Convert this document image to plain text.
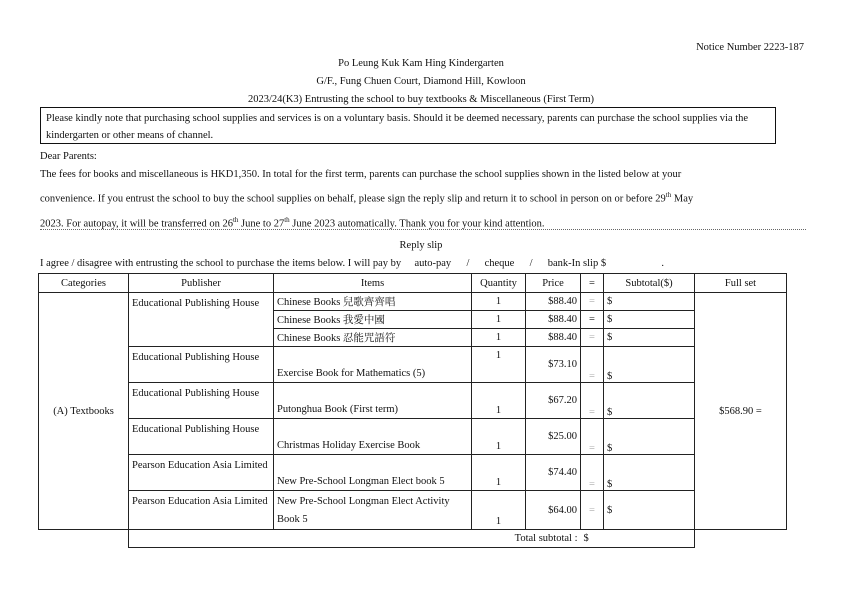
Notice Number 2223-187
Po Leung Kuk Kam Hing Kindergarten
G/F., Fung Chuen Court, Diamond Hill, Kowloon
2023/24(K3) Entrusting the school to buy textbooks & Miscellaneous (First Term)
Please kindly note that purchasing school supplies and services is on a voluntary basis. Should it be deemed necessary, parents can purchase the school supplies via the kindergarten or other means of channel.
Dear Parents:
The fees for books and miscellaneous is HKD1,350. In total for the first term, parents can purchase the school supplies shown in the listed below at your
convenience. If you entrust the school to buy the school supplies on behalf, please sign the reply slip and return it to school in person on or before 29th May
2023. For autopay, it will be transferred on 26th June to 27th June 2023 automatically. Thank you for your kind attention.
Reply slip
I agree / disagree with entrusting the school to purchase the items below. I will pay by auto-pay / cheque / bank-In slip $	.
Categories	Publisher	Items	Quantity	Price	=	Subtotal($)	Full set
(A) Textbooks	Educational Publishing House	Chinese Books 兒歌齊齊唱	1	$88.40	=	$	$568.90 =
		Chinese Books 我愛中國	1	$88.40	=	$	
		Chinese Books 忍能咒語符	1	$88.40	=	$	
	Educational Publishing House	Exercise Book for Mathematics (5)	1	$73.10	=	$	

	Educational Publishing House	Putonghua Book (First term)	1	$67.20	=	$	

	Educational Publishing House	Christmas Holiday Exercise Book	1	$25.00	=	$	

	Pearson Education Asia Limited	New Pre-School Longman Elect book 5	1	$74.40	=	$	

	Pearson Education Asia Limited	New Pre-School Longman Elect Activity Book 5	1	$64.00	=	$	

	Total subtotal :				$		
